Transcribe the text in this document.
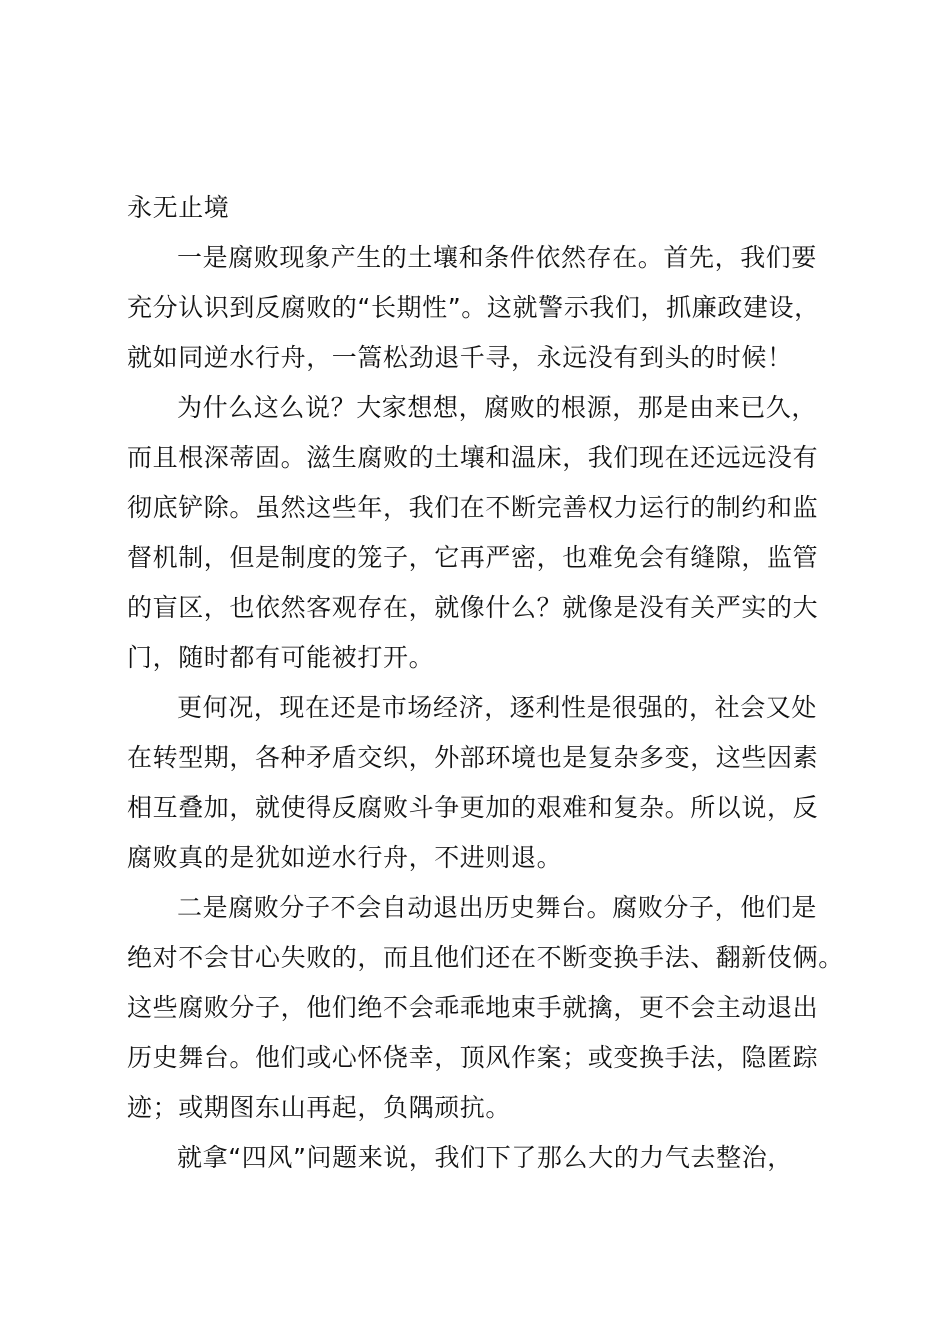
永无止境
一是腐败现象产生的土壤和条件依然存在。首先，我们要
充分认识到反腐败的“长期性”。这就警示我们，抓廉政建设，
就如同逆水行舟，一篙松劲退千寻，永远没有到头的时候！
为什么这么说？大家想想，腐败的根源，那是由来已久，
而且根深蒂固。滋生腐败的土壤和温床，我们现在还远远没有
彻底铲除。虽然这些年，我们在不断完善权力运行的制约和监
督机制，但是制度的笼子，它再严密，也难免会有缝隙，监管
的盲区，也依然客观存在，就像什么？就像是没有关严实的大
门，随时都有可能被打开。
更何况，现在还是市场经济，逐利性是很强的，社会又处
在转型期，各种矛盾交织，外部环境也是复杂多变，这些因素
相互叠加，就使得反腐败斗争更加的艰难和复杂。所以说，反
腐败真的是犹如逆水行舟，不进则退。
二是腐败分子不会自动退出历史舞台。腐败分子，他们是
绝对不会甘心失败的，而且他们还在不断变换手法、翻新伎俩。
这些腐败分子，他们绝不会乖乖地束手就擒，更不会主动退出
历史舞台。他们或心怀侥幸，顶风作案；或变换手法，隐匿踪
迹；或期图东山再起，负隅顽抗。
就拿“四风”问题来说，我们下了那么大的力气去整治，
